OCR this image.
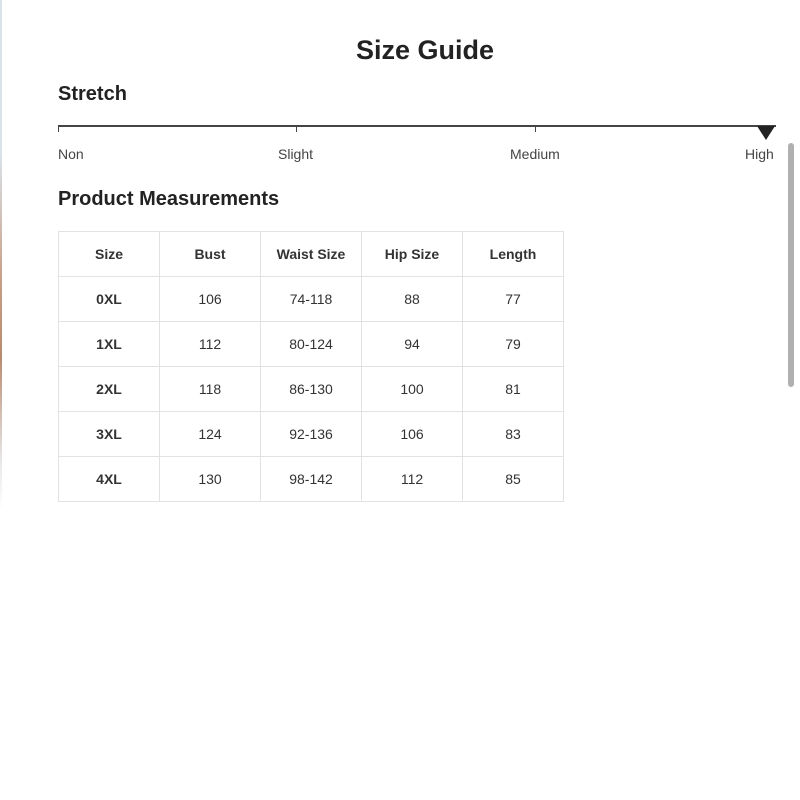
Size Guide
Stretch
Non	Slight	Medium	High
Product Measurements
Size	Bust	Waist Size	Hip Size	Length
0XL	106	74-118	88	77
1XL	112	80-124	94	79
2XL	118	86-130	100	81
3XL	124	92-136	106	83
4XL	130	98-142	112	85
